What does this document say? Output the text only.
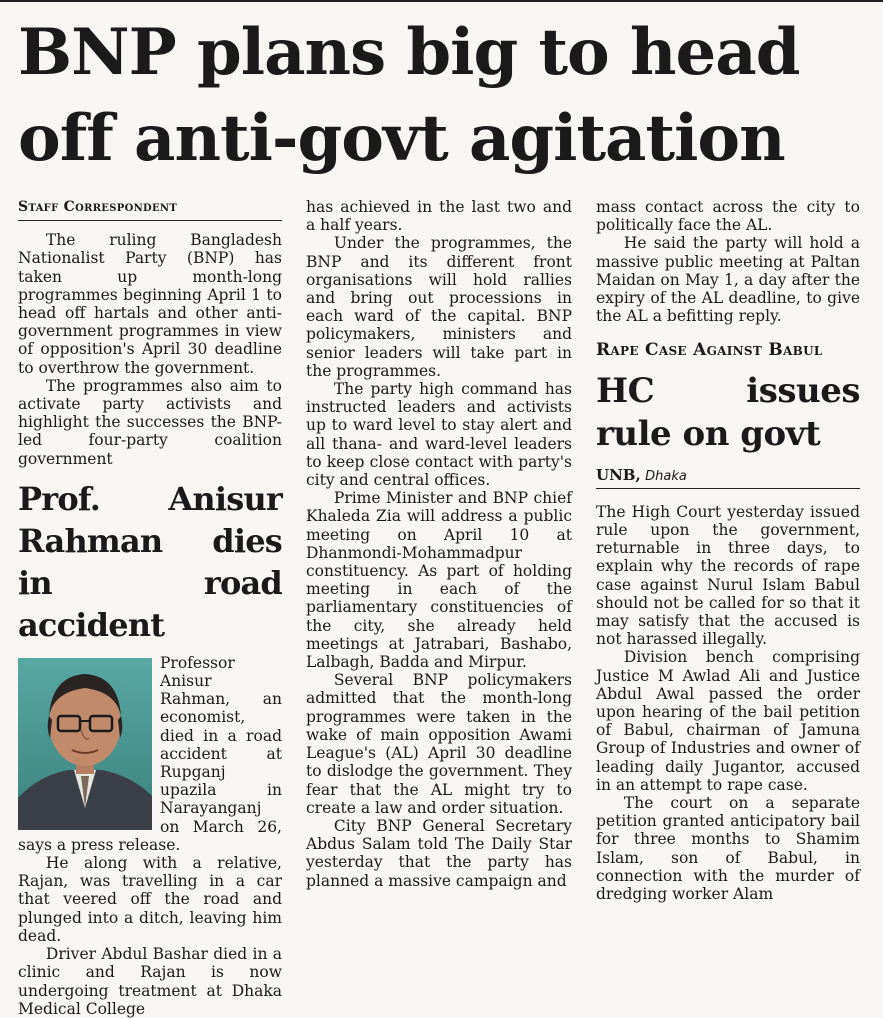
BNP plans big to head off anti-govt agitation
Staff Correspondent

The ruling Bangladesh Nationalist Party (BNP) has taken up month-long programmes beginning April 1 to head off hartals and other anti-government programmes in view of opposition's April 30 deadline to overthrow the government.

The programmes also aim to activate party activists and highlight the successes the BNP-led four-party coalition government

Prof. Anisur Rahman dies in road accident

Professor Anisur Rahman, an economist, died in a road accident at Rupganj upazila in Narayanganj on March 26, says a press release.

He along with a relative, Rajan, was travelling in a car that veered off the road and plunged into a ditch, leaving him dead.

Driver Abdul Bashar died in a clinic and Rajan is now undergoing treatment at Dhaka Medical College

has achieved in the last two and a half years.

Under the programmes, the BNP and its different front organisations will hold rallies and bring out processions in each ward of the capital. BNP policymakers, ministers and senior leaders will take part in the programmes.

The party high command has instructed leaders and activists up to ward level to stay alert and all thana- and ward-level leaders to keep close contact with party's city and central offices.

Prime Minister and BNP chief Khaleda Zia will address a public meeting on April 10 at Dhanmondi-Mohammadpur constituency. As part of holding meeting in each of the parliamentary constituencies of the city, she already held meetings at Jatrabari, Bashabo, Lalbagh, Badda and Mirpur.

Several BNP policymakers admitted that the month-long programmes were taken in the wake of main opposition Awami League's (AL) April 30 deadline to dislodge the government. They fear that the AL might try to create a law and order situation.

City BNP General Secretary Abdus Salam told The Daily Star yesterday that the party has planned a massive campaign and

mass contact across the city to politically face the AL.

He said the party will hold a massive public meeting at Paltan Maidan on May 1, a day after the expiry of the AL deadline, to give the AL a befitting reply.

Rape Case Against Babul
HC issues rule on govt
UNB, Dhaka

The High Court yesterday issued rule upon the government, returnable in three days, to explain why the records of rape case against Nurul Islam Babul should not be called for so that it may satisfy that the accused is not harassed illegally.

Division bench comprising Justice M Awlad Ali and Justice Abdul Awal passed the order upon hearing of the bail petition of Babul, chairman of Jamuna Group of Industries and owner of leading daily Jugantor, accused in an attempt to rape case.

The court on a separate petition granted anticipatory bail for three months to Shamim Islam, son of Babul, in connection with the murder of dredging worker Alam
